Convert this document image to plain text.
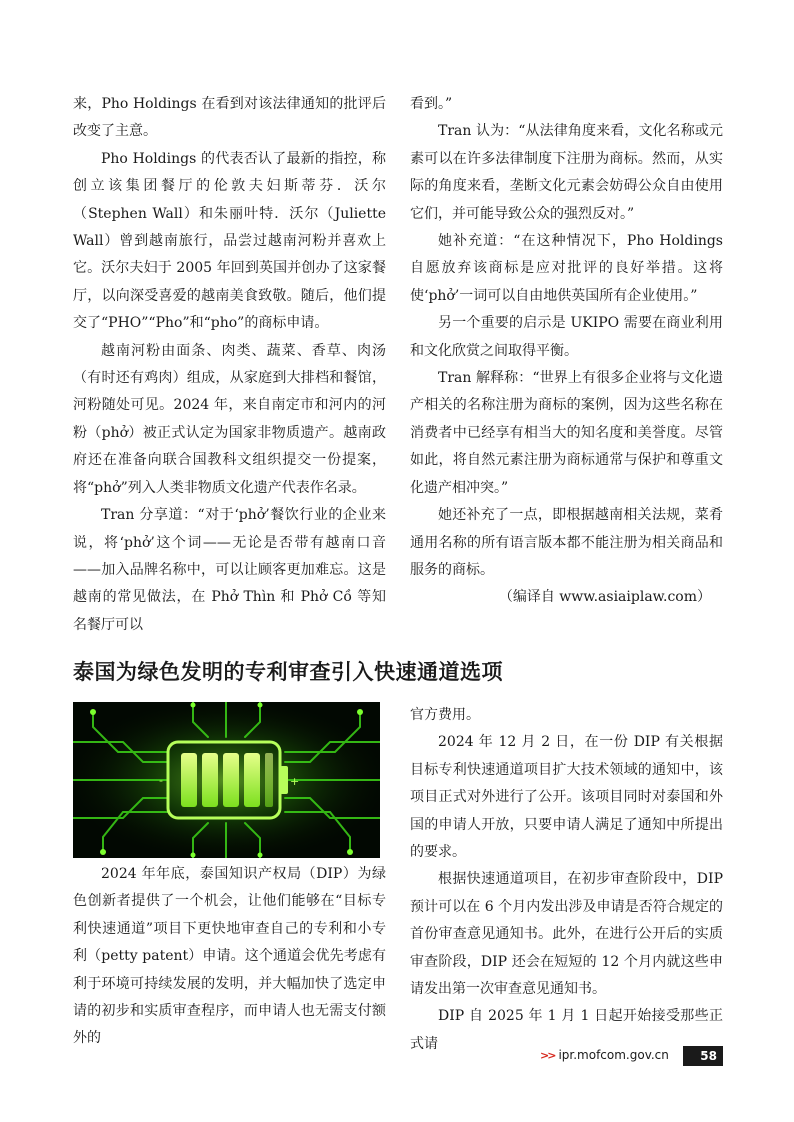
来，Pho Holdings 在看到对该法律通知的批评后改变了主意。

Pho Holdings 的代表否认了最新的指控，称创立该集团餐厅的伦敦夫妇斯蒂芬．沃尔（Stephen Wall）和朱丽叶特．沃尔（Juliette Wall）曾到越南旅行，品尝过越南河粉并喜欢上它。沃尔夫妇于 2005 年回到英国并创办了这家餐厅，以向深受喜爱的越南美食致敬。随后，他们提交了“PHO”“Pho”和“pho”的商标申请。

越南河粉由面条、肉类、蔬菜、香草、肉汤（有时还有鸡肉）组成，从家庭到大排档和餐馆，河粉随处可见。2024 年，来自南定市和河内的河粉（phở）被正式认定为国家非物质遗产。越南政府还在准备向联合国教科文组织提交一份提案，将“phở”列入人类非物质文化遗产代表作名录。

Tran 分享道：“对于‘phở’餐饮行业的企业来说，将‘phở’这个词——无论是否带有越南口音——加入品牌名称中，可以让顾客更加难忘。这是越南的常见做法，在 Phở Thìn 和 Phở Cồ 等知名餐厅可以

看到。”

Tran 认为：“从法律角度来看，文化名称或元素可以在许多法律制度下注册为商标。然而，从实际的角度来看，垄断文化元素会妨碍公众自由使用它们，并可能导致公众的强烈反对。”

她补充道：“在这种情况下，Pho Holdings 自愿放弃该商标是应对批评的良好举措。这将使‘phở’一词可以自由地供英国所有企业使用。”

另一个重要的启示是 UKIPO 需要在商业利用和文化欣赏之间取得平衡。

Tran 解释称：“世界上有很多企业将与文化遗产相关的名称注册为商标的案例，因为这些名称在消费者中已经享有相当大的知名度和美誉度。尽管如此，将自然元素注册为商标通常与保护和尊重文化遗产相冲突。”

她还补充了一点，即根据越南相关法规，菜肴通用名称的所有语言版本都不能注册为相关商品和服务的商标。

（编译自 www.asiaiplaw.com）

泰国为绿色发明的专利审查引入快速通道选项
-	+

2024 年年底，泰国知识产权局（DIP）为绿色创新者提供了一个机会，让他们能够在“目标专利快速通道”项目下更快地审查自己的专利和小专利（petty patent）申请。这个通道会优先考虑有利于环境可持续发展的发明，并大幅加快了选定申请的初步和实质审查程序，而申请人也无需支付额外的

官方费用。

2024 年 12 月 2 日，在一份 DIP 有关根据目标专利快速通道项目扩大技术领域的通知中，该项目正式对外进行了公开。该项目同时对泰国和外国的申请人开放，只要申请人满足了通知中所提出的要求。

根据快速通道项目，在初步审查阶段中，DIP 预计可以在 6 个月内发出涉及申请是否符合规定的首份审查意见通知书。此外，在进行公开后的实质审查阶段，DIP 还会在短短的 12 个月内就这些申请发出第一次审查意见通知书。

DIP 自 2025 年 1 月 1 日起开始接受那些正式请

>> ipr.mofcom.gov.cn	58
